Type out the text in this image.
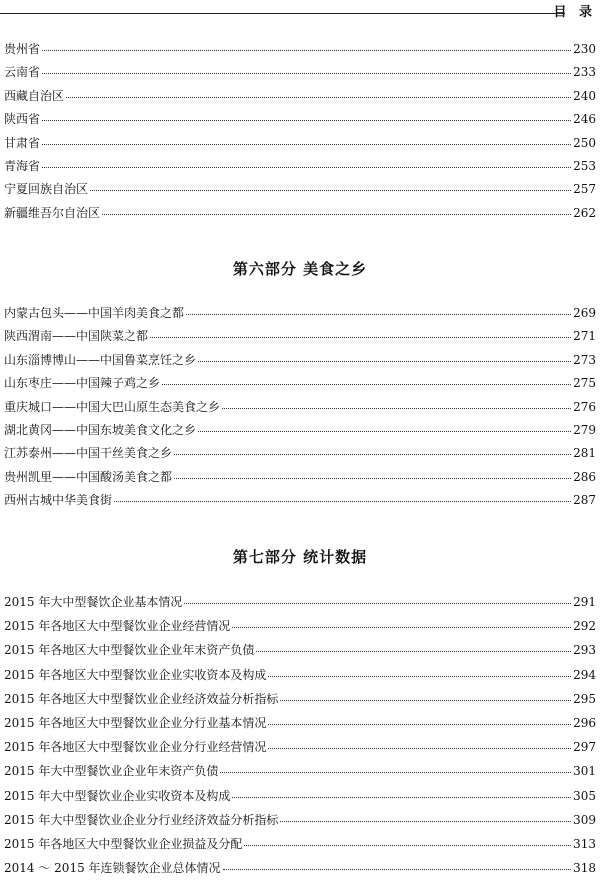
目 录
贵州省	230
云南省	233
西藏自治区	240
陕西省	246
甘肃省	250
青海省	253
宁夏回族自治区	257
新疆维吾尔自治区	262
第六部分 美食之乡
内蒙古包头——中国羊肉美食之都	269
陕西渭南——中国陕菜之都	271
山东淄博博山——中国鲁菜烹饪之乡	273
山东枣庄——中国辣子鸡之乡	275
重庆城口——中国大巴山原生态美食之乡	276
湖北黄冈——中国东坡美食文化之乡	279
江苏泰州——中国干丝美食之乡	281
贵州凯里——中国酸汤美食之都	286
西州古城中华美食街	287
第七部分 统计数据
2015 年大中型餐饮企业基本情况	291
2015 年各地区大中型餐饮业企业经营情况	292
2015 年各地区大中型餐饮业企业年末资产负债	293
2015 年各地区大中型餐饮业企业实收资本及构成	294
2015 年各地区大中型餐饮业企业经济效益分析指标	295
2015 年各地区大中型餐饮业企业分行业基本情况	296
2015 年各地区大中型餐饮业企业分行业经营情况	297
2015 年大中型餐饮业企业年末资产负债	301
2015 年大中型餐饮业企业实收资本及构成	305
2015 年大中型餐饮业企业分行业经济效益分析指标	309
2015 年各地区大中型餐饮业企业损益及分配	313
2014 ～ 2015 年连锁餐饮企业总体情况	318
